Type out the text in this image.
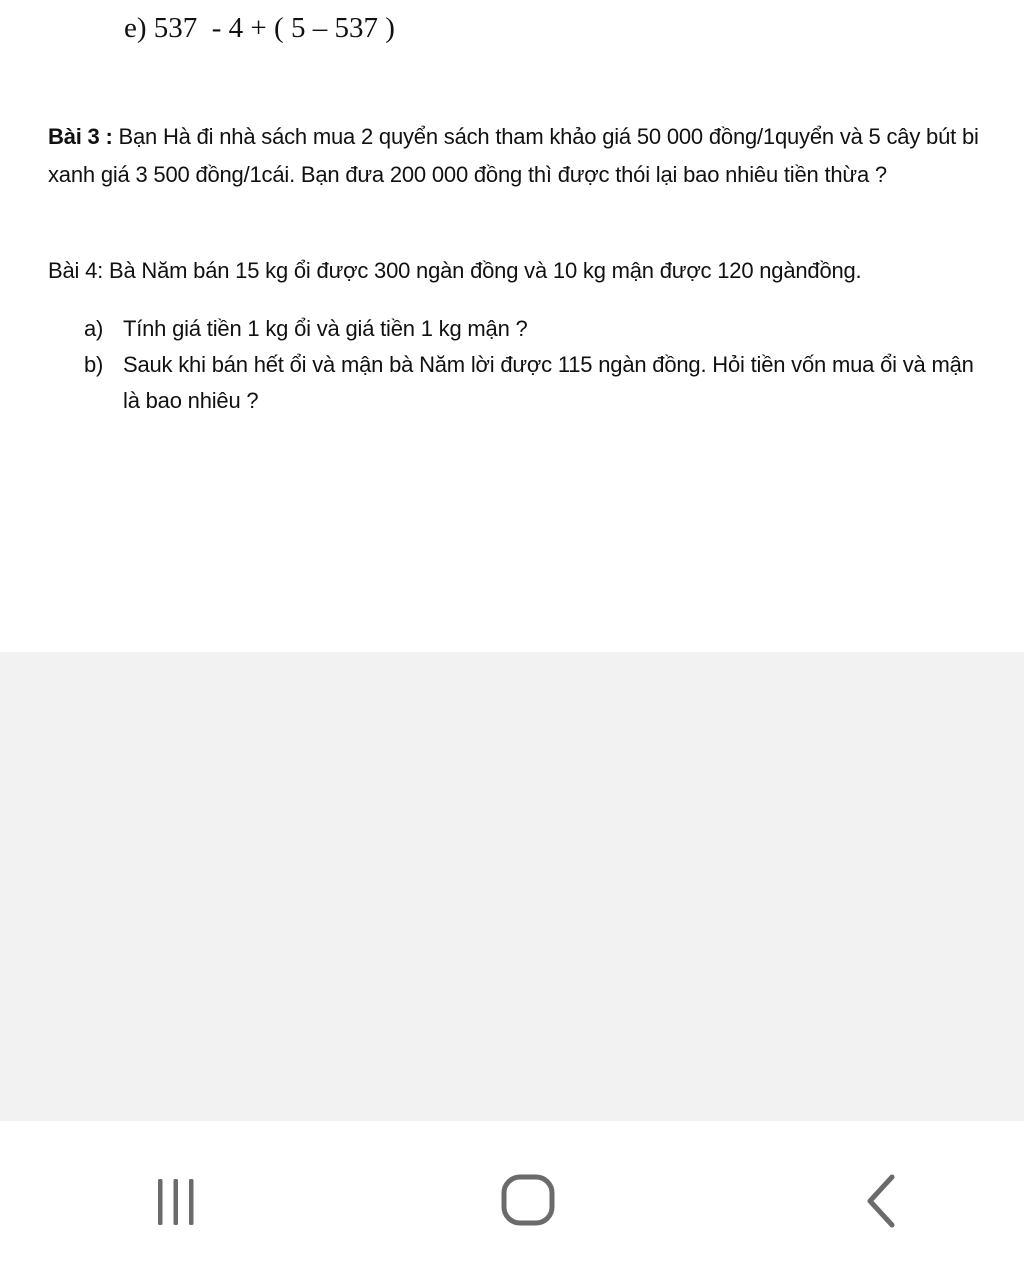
e) 537  - 4 + ( 5 – 537 )
Bài 3 : Bạn Hà đi nhà sách mua 2 quyển sách tham khảo giá 50 000 đồng/1quyển và 5 cây bút bi xanh giá 3 500 đồng/1cái. Bạn đưa 200 000 đồng thì được thói lại bao nhiêu tiền thừa ?
Bài 4: Bà Năm bán 15 kg ổi được 300 ngàn đồng và 10 kg mận được 120 ngànđồng.
a) Tính giá tiền 1 kg ổi và giá tiền 1 kg mận ?
b) Sauk khi bán hết ổi và mận bà Năm lời được 115 ngàn đồng. Hỏi tiền vốn mua ổi và mận là bao nhiêu ?
